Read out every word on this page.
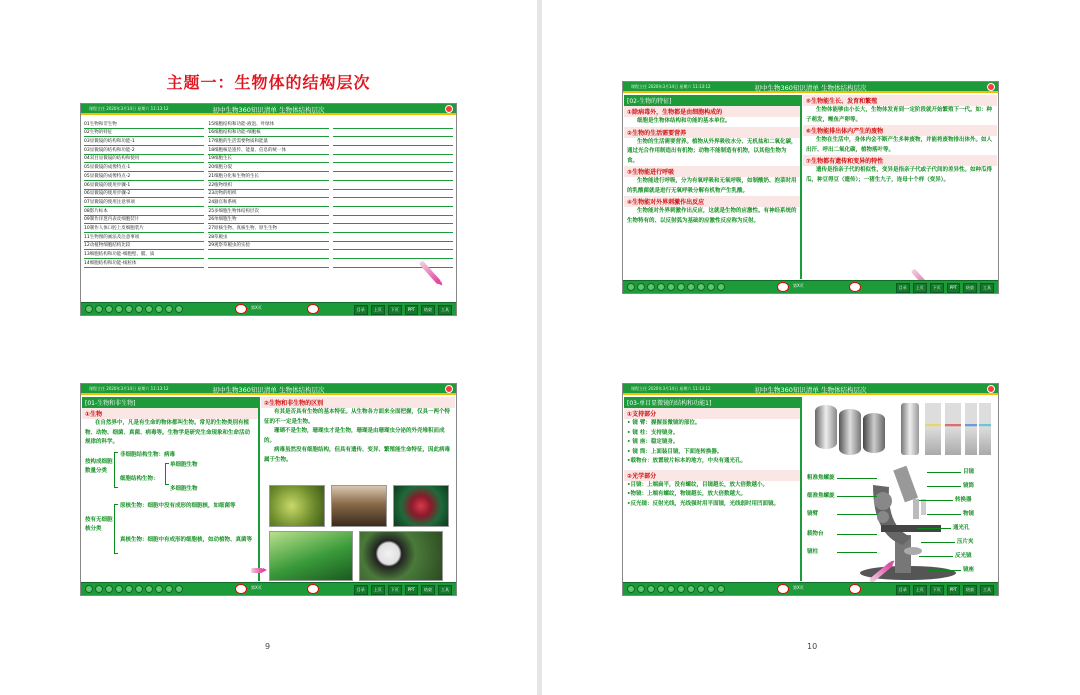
主题一：生物体的结构层次
课程主任 2020年3月14日 星期六 11:13:12	初中生物360知识清单 生物体结构层次
01生物和非生物
02生物的特征
03显微镜的结构和功能-1
03显微镜的结构和功能-2
04双目显微镜的结构和使用
05显微镜的成像特点-1
05显微镜的成像特点-2
06显微镜的使用步骤-1
06显微镜的使用步骤-2
07显微镜的使用注意事项
08影片标本
09制作洋葱内表皮细胞装片
10制作人体口腔上皮细胞装片
11生物图的画法及注意事项
12动植物细胞结构比较
13细胞结构和功能-细胞壁、膜、质
14细胞结构和功能-线粒体
15细胞结构和功能-液泡、叶绿体
16细胞结构和功能-细胞核
17细胞的生活需要物质和能量
18细胞核是遗传、能量、信息的统一体
19细胞生长
20细胞分裂
21细胞分化和生物的生长
22植物组织
23动物的组织
24器官和系统
25多细胞生物体结构层次
26单细胞生物
27原核生物、真核生物、原生生物
28草履虫
29观察草履虫的实验
第X页	目录	上页	下页	PPT	结束	工具
课程主任 2020年3月14日 星期六 11:13:12	初中生物360知识清单 生物体结构层次
[01-生物和非生物]
①生物
在自然界中，凡是有生命的物体都叫生物。常见的生物类别有植物、动物、细菌、真菌、病毒等。生物学是研究生命现象和生命活动规律的科学。
按构成细胞数量分类
非细胞结构生物：病毒
细胞结构生物：
单细胞生物
多细胞生物
按有无细胞核分类
原核生物：细胞中没有成形的细胞核，如细菌等
真核生物：细胞中有成形的细胞核，如动植物、真菌等
②生物和非生物的区别
有其是否具有生物的基本特征。从生物各方面来全面把握，仅具一两个特征的不一定是生物。
珊瑚不是生物，珊瑚虫才是生物，珊瑚是由珊瑚虫分泌的外壳堆积而成的。
病毒虽然没有细胞结构，但具有遗传、变异、繁殖能生命特征，因此病毒属于生物。
第X页	目录	上页	下页	PPT	结束	工具
9
课程主任 2020年3月14日 星期六 11:13:12	初中生物360知识清单 生物体结构层次
[02-生物的特征]
①除病毒外，生物都是由细胞构成的
细胞是生物体结构和功能的基本单位。
②生物的生活需要营养
生物的生活需要营养。植物从外界吸收水分、无机盐和二氧化碳，通过光合作用制造出有机物；动物不能制造有机物，以其他生物为食。
③生物能进行呼吸
生物能进行呼吸，分为有氧呼吸和无氧呼吸，如制酸奶、泡菜时用的乳酸菌就是进行无氧呼吸分解有机物产生乳酸。
④生物能对外界刺激作出反应
生物能对外界刺激作出反应，这就是生物的应激性。有神经系统的生物特有的、以反射弧为基础的应激性反应称为反射。
⑤生物能生长、发育和繁殖
生物体能够由小长大，生物体发育到一定阶段就开始繁殖下一代。如：种子萌发，鲤鱼产卵等。
⑥生物能排出体内产生的废物
生物在生活中，身体内会不断产生多种废物，并能将废物排出体外。如人出汗、呼出二氧化碳，植物落叶等。
⑦生物都有遗传和变异的特性
遗传是指亲子代的相似性，变异是指亲子代或子代间的差异性。如种瓜得瓜，种豆得豆（遗传）；一猪生九子，连母十个样（变异）。
第X页	目录	上页	下页	PPT	结束	工具
课程主任 2020年3月14日 星期六 11:13:12	初中生物360知识清单 生物体结构层次
[03-单目显微镜的结构和功能1]
①支持部分
• 镜 臂：握握显微镜的部位。
• 镜 柱：支持镜身。
• 镜 座：稳定镜身。
• 镜 筒：上面装目镜，下面连转换器。
•载物台：放置玻片标本的地方，中央有通光孔。
②光学部分
•目镜：上端扁平，没有螺纹，目镜越长，放大倍数越小。
•物镜：上端有螺纹，物镜越长，放大倍数越大。
•反光镜：反射光线，光线强时用平面镜，光线弱时用凹面镜。
粗准焦螺旋
细准焦螺旋
镜臂
载物台
镜柱
目镜
镜筒
转换器
物镜
通光孔
压片夹
反光镜
镜座
第X页	目录	上页	下页	PPT	结束	工具
10
